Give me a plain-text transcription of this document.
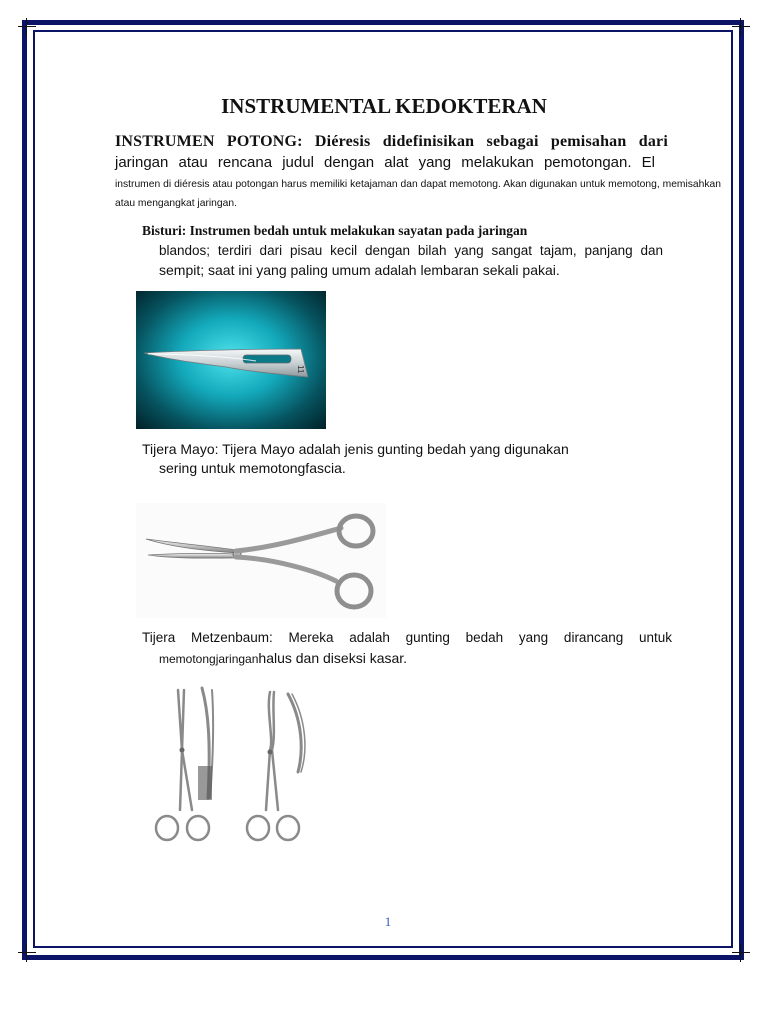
INSTRUMENTAL KEDOKTERAN
INSTRUMEN POTONG: Diéresis didefinisikan sebagai pemisahan dari
jaringan atau rencana judul dengan alat yang melakukan pemotongan. El
instrumen di diéresis atau potongan harus memiliki ketajaman dan dapat memotong. Akan digunakan untuk memotong, memisahkan atau mengangkat jaringan.
Bisturi: Instrumen bedah untuk melakukan sayatan pada jaringan
blandos; terdiri dari pisau kecil dengan bilah yang sangat tajam, panjang dan
sempit; saat ini yang paling umum adalah lembaran sekali pakai.
11
Tijera Mayo: Tijera Mayo adalah jenis gunting bedah yang digunakan
sering untuk memotongfascia.
Tijera Metzenbaum: Mereka adalah gunting bedah yang dirancang untuk
memotongjaringanhalus dan diseksi kasar.
1
